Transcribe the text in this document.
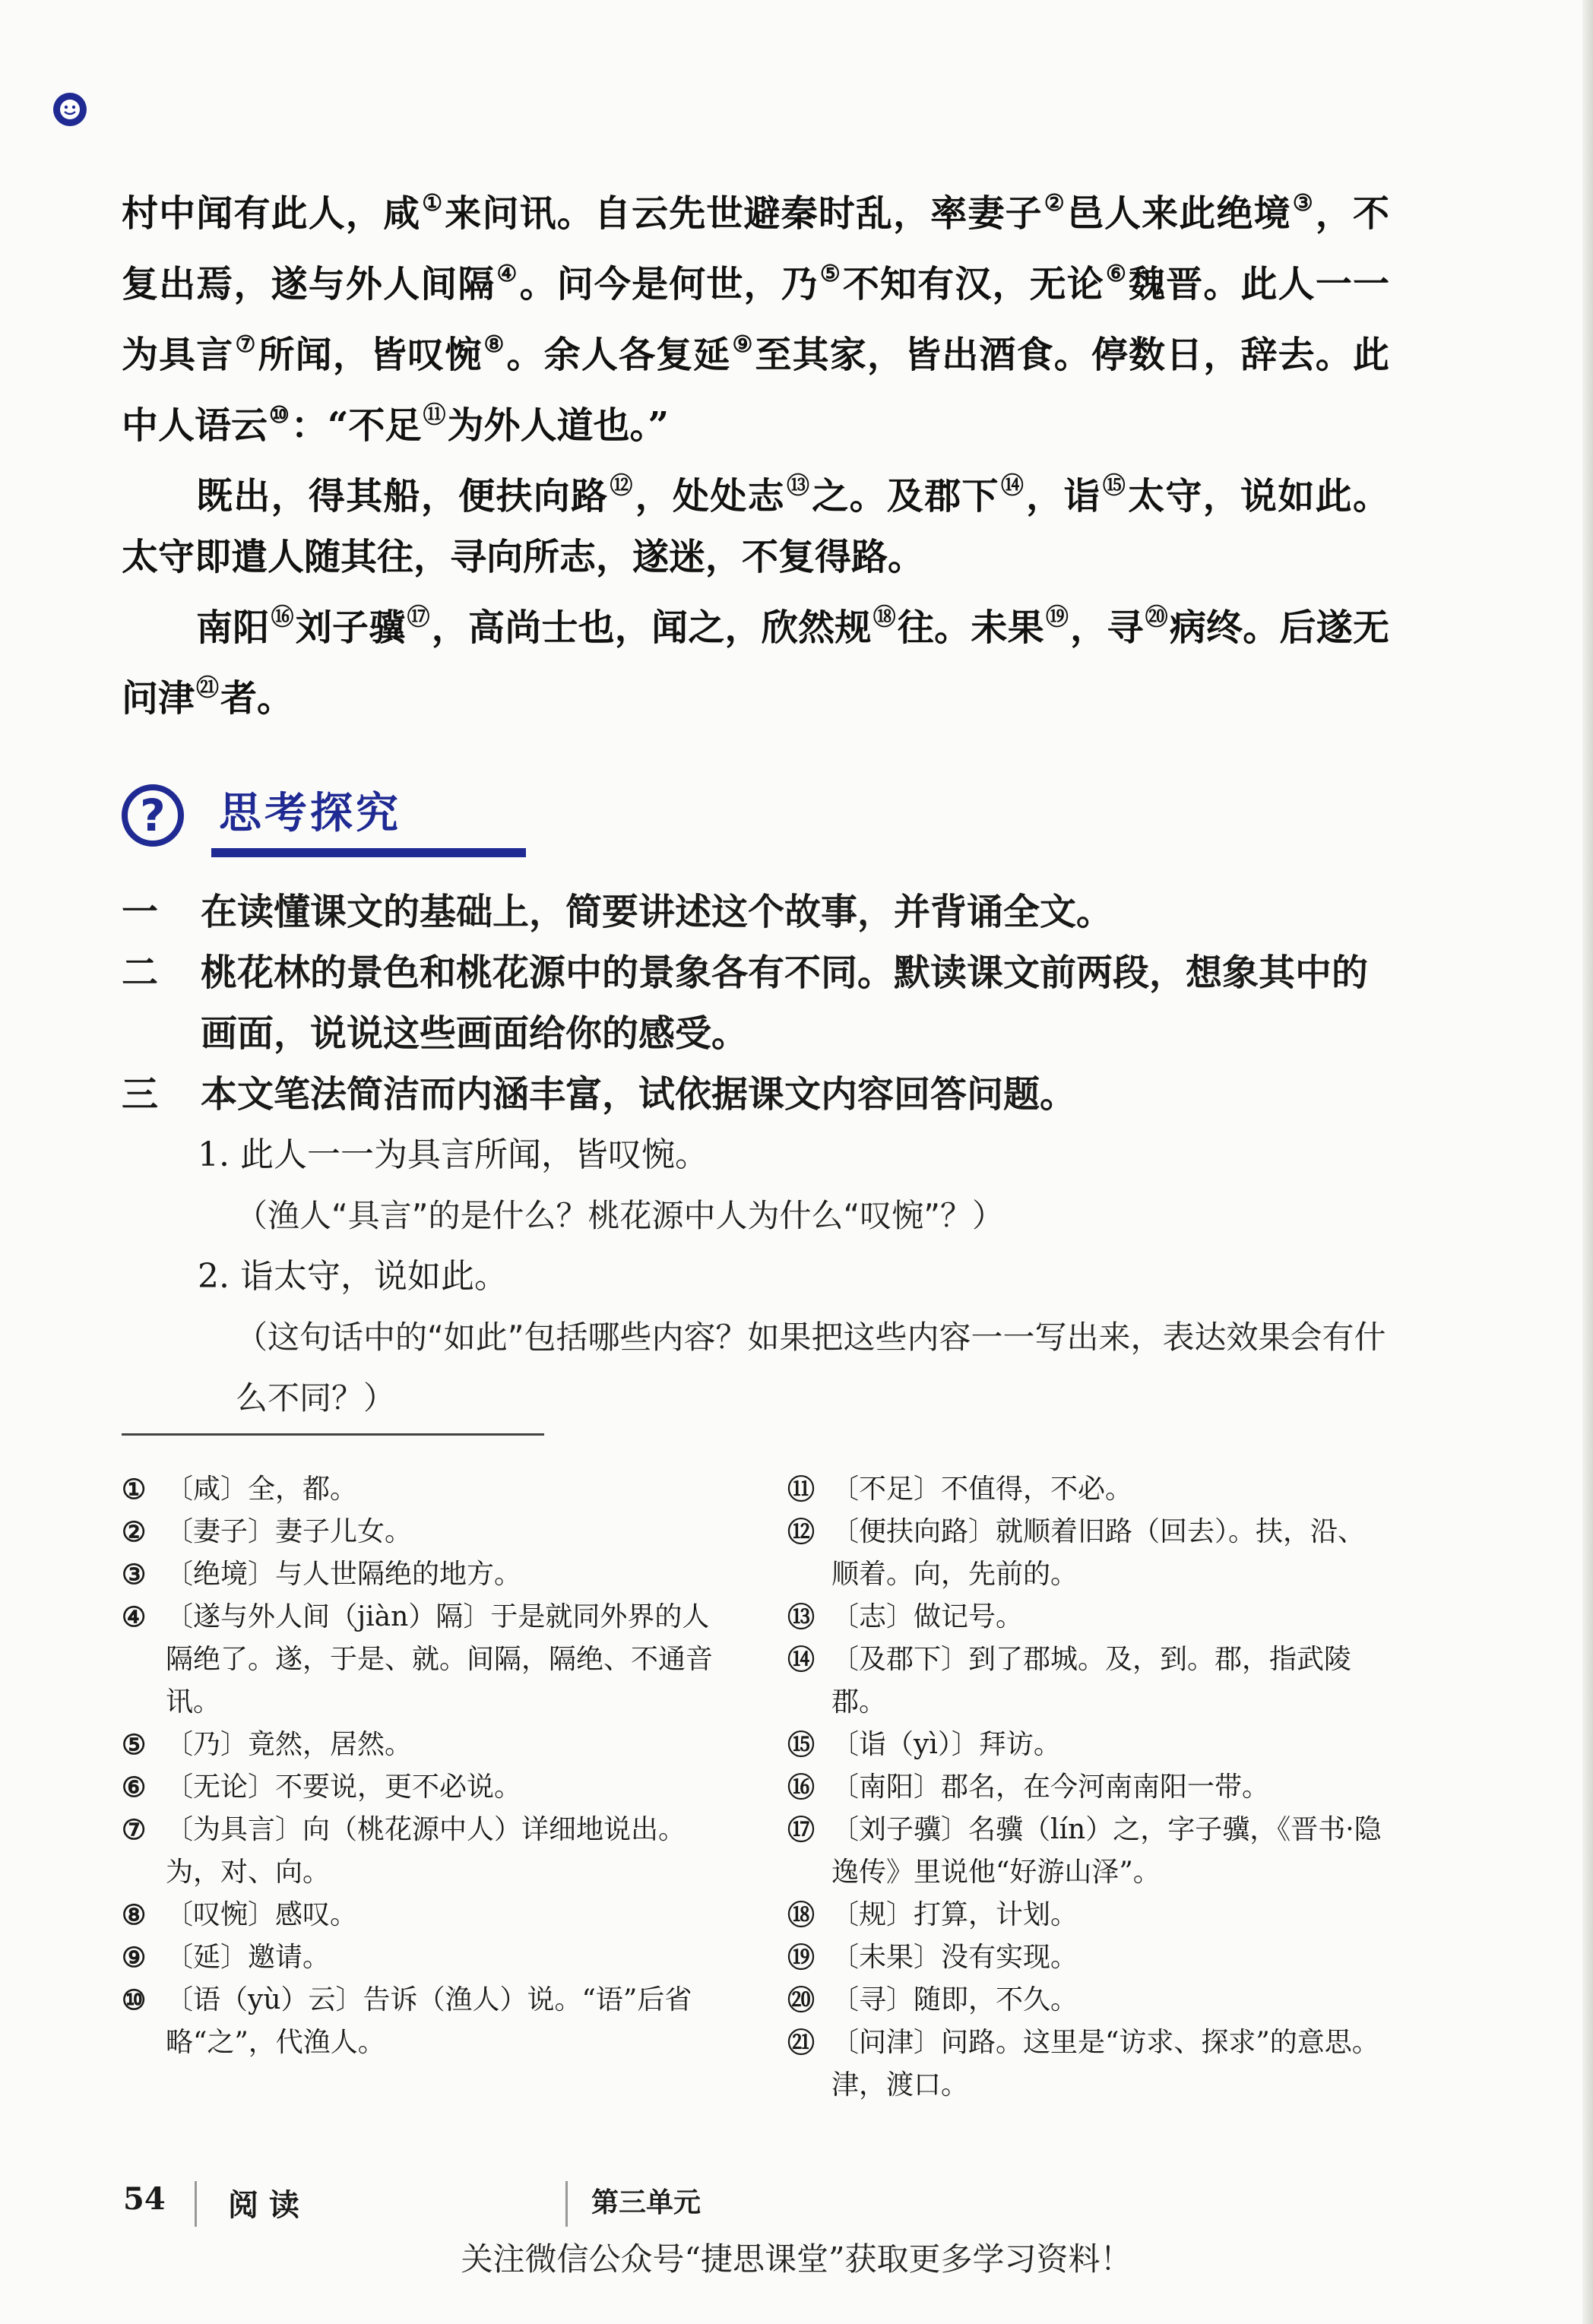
村中闻有此人，咸①来问讯。自云先世避秦时乱，率妻子②邑人来此绝境③，不复出焉，遂与外人间隔④。问今是何世，乃⑤不知有汉，无论⑥魏晋。此人一一为具言⑦所闻，皆叹惋⑧。余人各复延⑨至其家，皆出酒食。停数日，辞去。此中人语云⑩：“不足⑪为外人道也。”

既出，得其船，便扶向路⑫，处处志⑬之。及郡下⑭，诣⑮太守，说如此。太守即遣人随其往，寻向所志，遂迷，不复得路。

南阳⑯刘子骥⑰，高尚士也，闻之，欣然规⑱往。未果⑲，寻⑳病终。后遂无问津$^㉑$者。

?	思考探究
一	在读懂课文的基础上，简要讲述这个故事，并背诵全文。
二	桃花林的景色和桃花源中的景象各有不同。默读课文前两段，想象其中的画面，说说这些画面给你的感受。
三	本文笔法简洁而内涵丰富，试依据课文内容回答问题。
1. 此人一一为具言所闻，皆叹惋。
（渔人“具言”的是什么？桃花源中人为什么“叹惋”？）
2. 诣太守，说如此。
（这句话中的“如此”包括哪些内容？如果把这些内容一一写出来，表达效果会有什么不同？）

① 〔咸〕全，都。

② 〔妻子〕妻子儿女。

③ 〔绝境〕与人世隔绝的地方。

④ 〔遂与外人间（jiàn）隔〕于是就同外界的人隔绝了。遂，于是、就。间隔，隔绝、不通音讯。

⑤ 〔乃〕竟然，居然。

⑥ 〔无论〕不要说，更不必说。

⑦ 〔为具言〕向（桃花源中人）详细地说出。为，对、向。

⑧ 〔叹惋〕感叹。

⑨ 〔延〕邀请。

⑩ 〔语（yù）云〕告诉（渔人）说。“语”后省略“之”，代渔人。

⑪ 〔不足〕不值得，不必。

⑫ 〔便扶向路〕就顺着旧路（回去）。扶，沿、顺着。向，先前的。

⑬ 〔志〕做记号。

⑭ 〔及郡下〕到了郡城。及，到。郡，指武陵郡。

⑮ 〔诣（yì）〕拜访。

⑯ 〔南阳〕郡名，在今河南南阳一带。

⑰ 〔刘子骥〕名骥（lín）之，字子骥，《晋书·隐逸传》里说他“好游山泽”。

⑱ 〔规〕打算，计划。

⑲ 〔未果〕没有实现。

⑳ 〔寻〕随即，不久。

㉑ 〔问津〕问路。这里是“访求、探求”的意思。津，渡口。

54 阅 读	第三单元
关注微信公众号“捷思课堂”获取更多学习资料！
